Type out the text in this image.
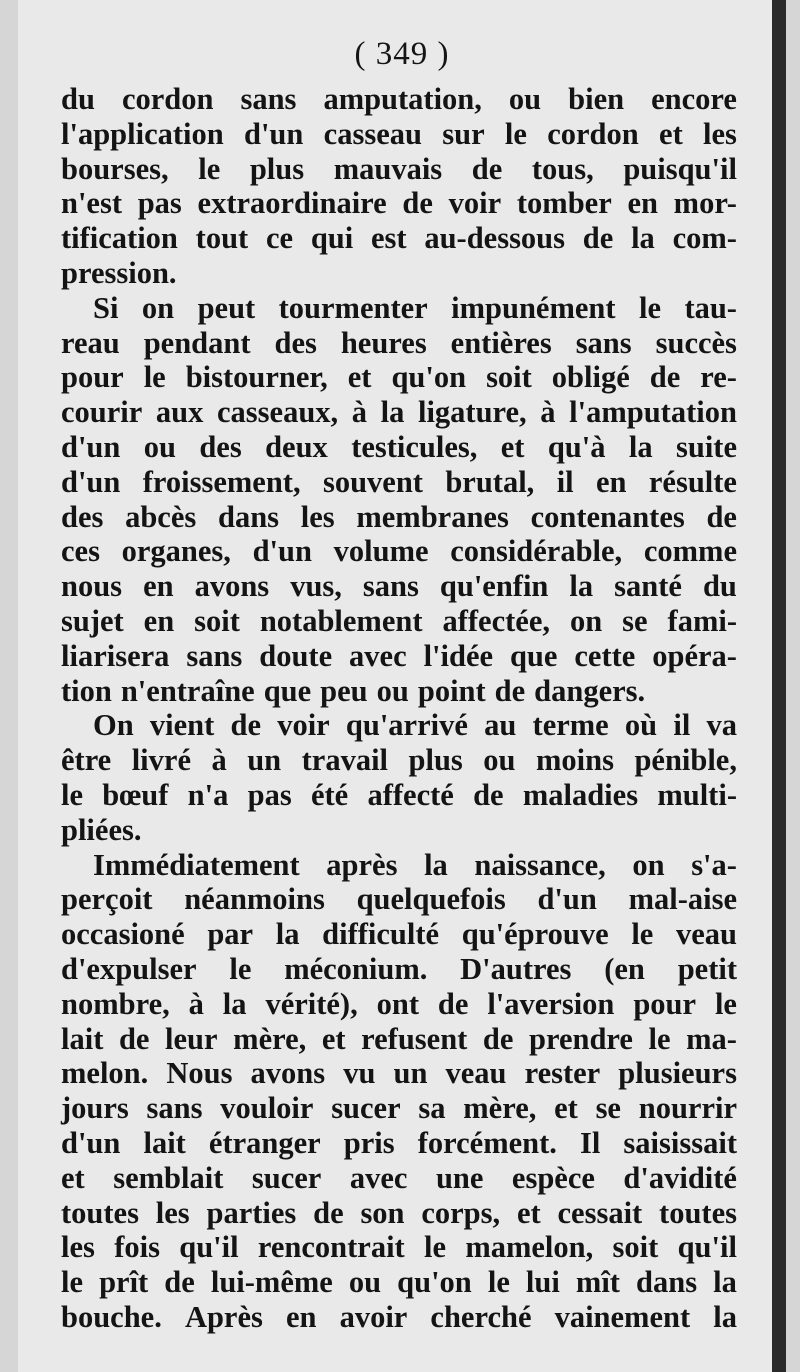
( 349 )
du cordon sans amputation, ou bien encore
l'application d'un casseau sur le cordon et les
bourses, le plus mauvais de tous, puisqu'il
n'est pas extraordinaire de voir tomber en mor-
tification tout ce qui est au-dessous de la com-
pression.
Si on peut tourmenter impunément le tau-
reau pendant des heures entières sans succès
pour le bistourner, et qu'on soit obligé de re-
courir aux casseaux, à la ligature, à l'amputation
d'un ou des deux testicules, et qu'à la suite
d'un froissement, souvent brutal, il en résulte
des abcès dans les membranes contenantes de
ces organes, d'un volume considérable, comme
nous en avons vus, sans qu'enfin la santé du
sujet en soit notablement affectée, on se fami-
liarisera sans doute avec l'idée que cette opéra-
tion n'entraîne que peu ou point de dangers.
On vient de voir qu'arrivé au terme où il va
être livré à un travail plus ou moins pénible,
le bœuf n'a pas été affecté de maladies multi-
pliées.
Immédiatement après la naissance, on s'a-
perçoit néanmoins quelquefois d'un mal-aise
occasioné par la difficulté qu'éprouve le veau
d'expulser le méconium. D'autres (en petit
nombre, à la vérité), ont de l'aversion pour le
lait de leur mère, et refusent de prendre le ma-
melon. Nous avons vu un veau rester plusieurs
jours sans vouloir sucer sa mère, et se nourrir
d'un lait étranger pris forcément. Il saisissait
et semblait sucer avec une espèce d'avidité
toutes les parties de son corps, et cessait toutes
les fois qu'il rencontrait le mamelon, soit qu'il
le prît de lui-même ou qu'on le lui mît dans la
bouche. Après en avoir cherché vainement la
